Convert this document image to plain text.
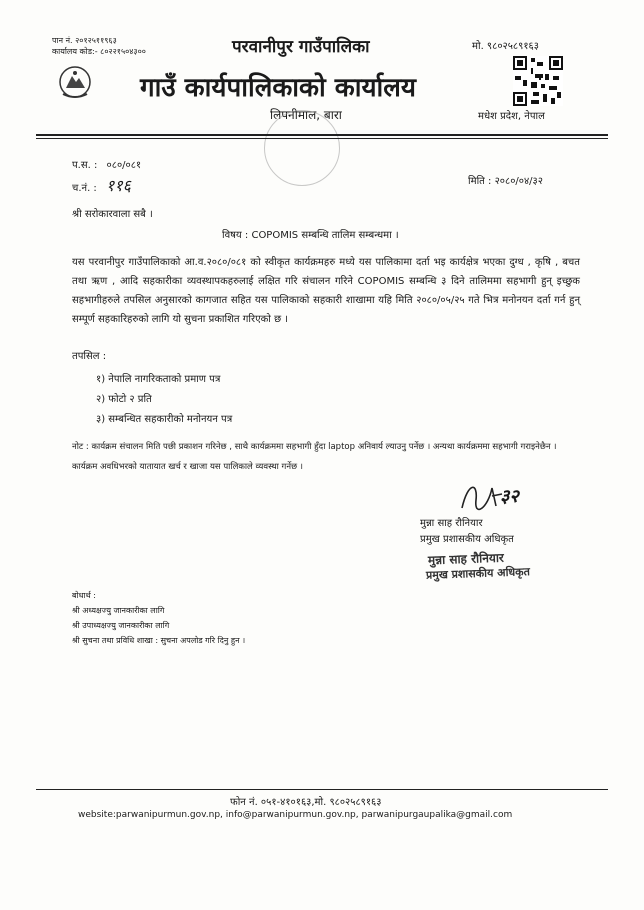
पान नं. २०१२५११९६३
कार्यालय कोड:- ८०२२१५०४३००	मो. ९८०२५८९१६३
परवानीपुर गाउँपालिका
गाउँ कार्यपालिकाको कार्यालय
लिपनीमाल, बारा	मधेश प्रदेश, नेपाल
प.स. : ०८०/०८१
च.नं. : ११६	मिति : २०८०/०४/३२
श्री सरोकारवाला सबै ।
विषय : COPOMIS सम्बन्धि तालिम सम्बन्धमा ।
यस परवानीपुर गाउँपालिकाको आ.व.२०८०/०८१ को स्वीकृत कार्यक्रमहरु मध्ये यस पालिकामा दर्ता भइ कार्यक्षेत्र भएका दुग्ध , कृषि , बचत तथा ऋण , आदि सहकारीका व्यवस्थापकहरुलाई लक्षित गरि संचालन गरिने COPOMIS सम्बन्धि ३ दिने तालिममा सहभागी हुन् इच्छुक सहभागीहरुले तपसिल अनुसारको कागजात सहित यस पालिकाको सहकारी शाखामा यहि मिति २०८०/०५/२५ गते भित्र मनोनयन दर्ता गर्न हुन् सम्पूर्ण सहकारिहरुको लागि यो सुचना प्रकाशित गरिएको छ ।
तपसिल :
१) नेपालि नागरिकताको प्रमाण पत्र
२) फोटो २ प्रति
३) सम्बन्धित सहकारीको मनोनयन पत्र
नोट : कार्यक्रम संचालन मिति पछी प्रकाशन गरिनेछ , साथै कार्यक्रममा सहभागी हुँदा laptop अनिवार्य ल्याउनु पर्नेछ । अन्यथा कार्यक्रममा सहभागी गराइनेछैन । कार्यक्रम अवधिभरको यातायात खर्च र खाजा यस पालिकाले व्यवस्था गर्नेछ ।
३२
मुन्ना साह रौनियार
प्रमुख प्रशासकीय अधिकृत
मुन्ना साह रौनियार
प्रमुख प्रशासकीय अधिकृत
बोधार्थ :
श्री अध्यक्षज्यु जानकारीका लागि
श्री उपाध्यक्षज्यु जानकारीका लागि
श्री सुचना तथा प्रविधि शाखा : सुचना अपलोड गरि दिनु हुन ।
फोन नं. ०५१-४१०१६३,मो. ९८०२५८९१६३
website:parwanipurmun.gov.np, info@parwanipurmun.gov.np, parwanipurgaupalika@gmail.com
